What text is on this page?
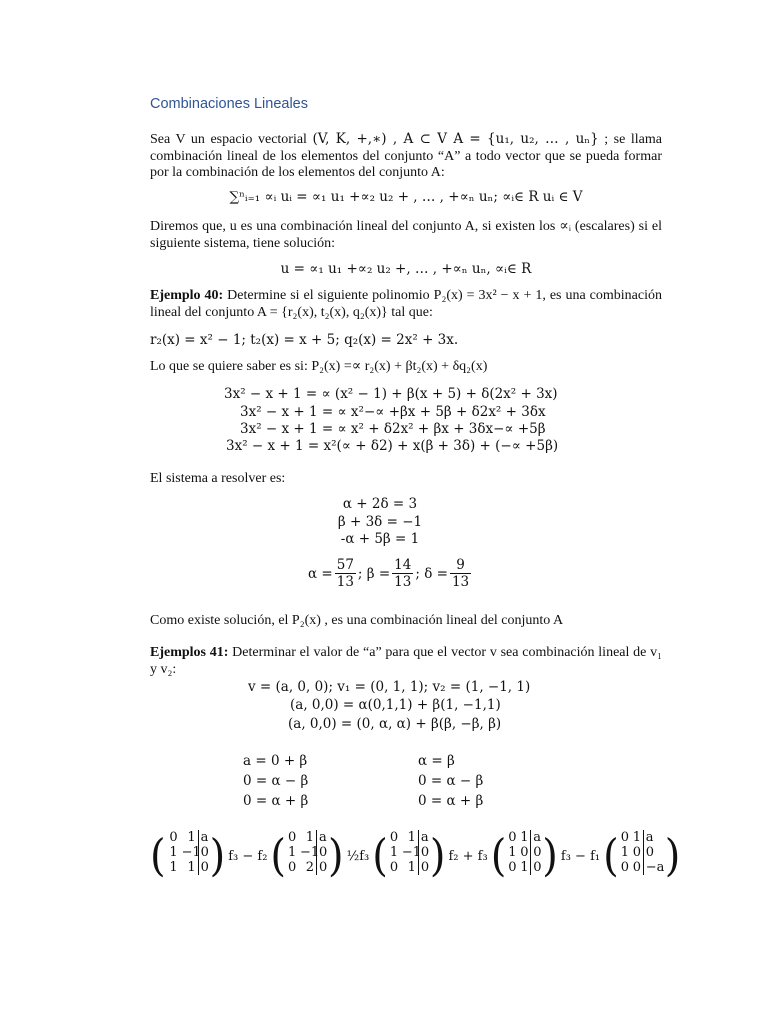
Combinaciones Lineales
Sea V un espacio vectorial (V, K, +,∗) , A ⊂ V A = {u₁, u₂, … , uₙ} ; se llama combinación lineal de los elementos del conjunto “A” a todo vector que se pueda formar por la combinación de los elementos del conjunto A:
∑ⁿᵢ₌₁ ∝ᵢ uᵢ = ∝₁ u₁ +∝₂ u₂ + , … , +∝ₙ uₙ; ∝ᵢ∈ R uᵢ ∈ V
Diremos que, u es una combinación lineal del conjunto A, si existen los ∝ᵢ (escalares) si el siguiente sistema, tiene solución:
u = ∝₁ u₁ +∝₂ u₂ +, … , +∝ₙ uₙ, ∝ᵢ∈ R
Ejemplo 40: Determine si el siguiente polinomio P₂(x) = 3x² − x + 1, es una combinación lineal del conjunto A = {r₂(x), t₂(x), q₂(x)} tal que:
r₂(x) = x² − 1; t₂(x) = x + 5; q₂(x) = 2x² + 3x.
Lo que se quiere saber es si: P₂(x) =∝ r₂(x) + βt₂(x) + δq₂(x)
3x² − x + 1 = ∝ (x² − 1) + β(x + 5) + δ(2x² + 3x)
3x² − x + 1 = ∝ x²−∝ +βx + 5β + δ2x² + 3δx
3x² − x + 1 = ∝ x² + δ2x² + βx + 3δx−∝ +5β
3x² − x + 1 = x²(∝ + δ2) + x(β + 3δ) + (−∝ +5β)
El sistema a resolver es:
α + 2δ = 3
β + 3δ = −1
-α + 5β = 1
$\alpha = \frac{57}{13}$ ; $\beta = \frac{14}{13}$ ; $\delta = \frac{9}{13}$
Como existe solución, el P₂(x) , es una combinación lineal del conjunto A
Ejemplos 41: Determinar el valor de “a” para que el vector v sea combinación lineal de v₁ y v₂:
v = (a, 0, 0); v₁ = (0, 1, 1); v₂ = (1, −1, 1)
(a, 0,0) = α(0,1,1) + β(1, −1,1)
(a, 0,0) = (0, α, α) + β(β, −β, β)
a = 0 + β
0 = α − β
0 = α + β
α = β
0 = α − β
0 = α + β
( 0 1 a
1 −1 0
1 1 0 ) f₃ − f₂ ( 0 1 a
1 −1 0
0 2 0 ) ½f₃ ( 0 1 a
1 −1 0
0 1 0 ) f₂ + f₃ ( 0 1 a
1 0 0
0 1 0 ) f₃ − f₁ ( 0 1 a
1 0 0
0 0 −a )
